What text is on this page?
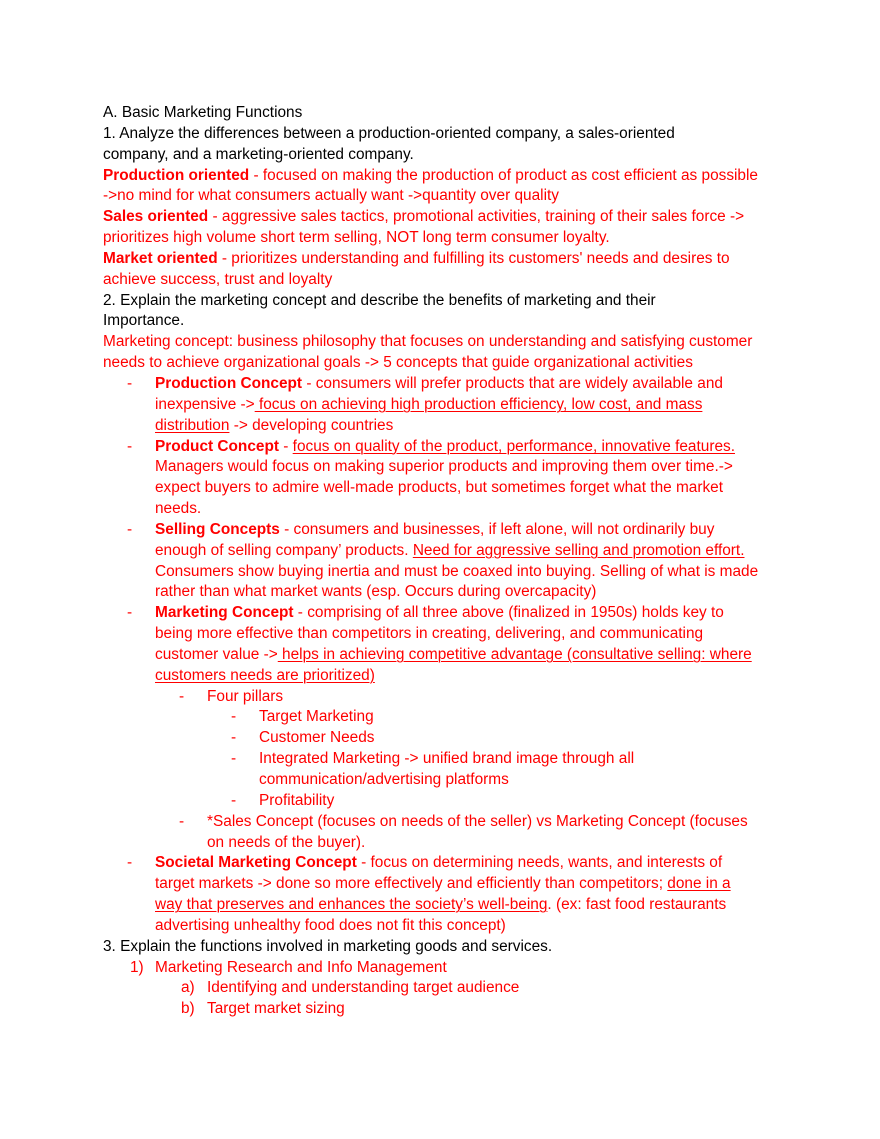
A. Basic Marketing Functions
1. Analyze the differences between a production-oriented company, a sales-oriented
company, and a marketing-oriented company.
Production oriented - focused on making the production of product as cost efficient as possible
->no mind for what consumers actually want ->quantity over quality
Sales oriented - aggressive sales tactics, promotional activities, training of their sales force ->
prioritizes high volume short term selling, NOT long term consumer loyalty.
Market oriented - prioritizes understanding and fulfilling its customers' needs and desires to
achieve success, trust and loyalty
2. Explain the marketing concept and describe the benefits of marketing and their
Importance.
Marketing concept: business philosophy that focuses on understanding and satisfying customer
needs to achieve organizational goals -> 5 concepts that guide organizational activities
- Production Concept - consumers will prefer products that are widely available and
inexpensive -> focus on achieving high production efficiency, low cost, and mass
distribution -> developing countries
- Product Concept - focus on quality of the product, performance, innovative features.
Managers would focus on making superior products and improving them over time.->
expect buyers to admire well-made products, but sometimes forget what the market
needs.
- Selling Concepts - consumers and businesses, if left alone, will not ordinarily buy
enough of selling company’ products. Need for aggressive selling and promotion effort.
Consumers show buying inertia and must be coaxed into buying. Selling of what is made
rather than what market wants (esp. Occurs during overcapacity)
- Marketing Concept - comprising of all three above (finalized in 1950s) holds key to
being more effective than competitors in creating, delivering, and communicating
customer value -> helps in achieving competitive advantage (consultative selling: where
customers needs are prioritized)
- Four pillars
- Target Marketing
- Customer Needs
- Integrated Marketing -> unified brand image through all
communication/advertising platforms
- Profitability
- *Sales Concept (focuses on needs of the seller) vs Marketing Concept (focuses
on needs of the buyer).
- Societal Marketing Concept - focus on determining needs, wants, and interests of
target markets -> done so more effectively and efficiently than competitors; done in a
way that preserves and enhances the society’s well-being. (ex: fast food restaurants
advertising unhealthy food does not fit this concept)
3. Explain the functions involved in marketing goods and services.
1) Marketing Research and Info Management
a) Identifying and understanding target audience
b) Target market sizing
